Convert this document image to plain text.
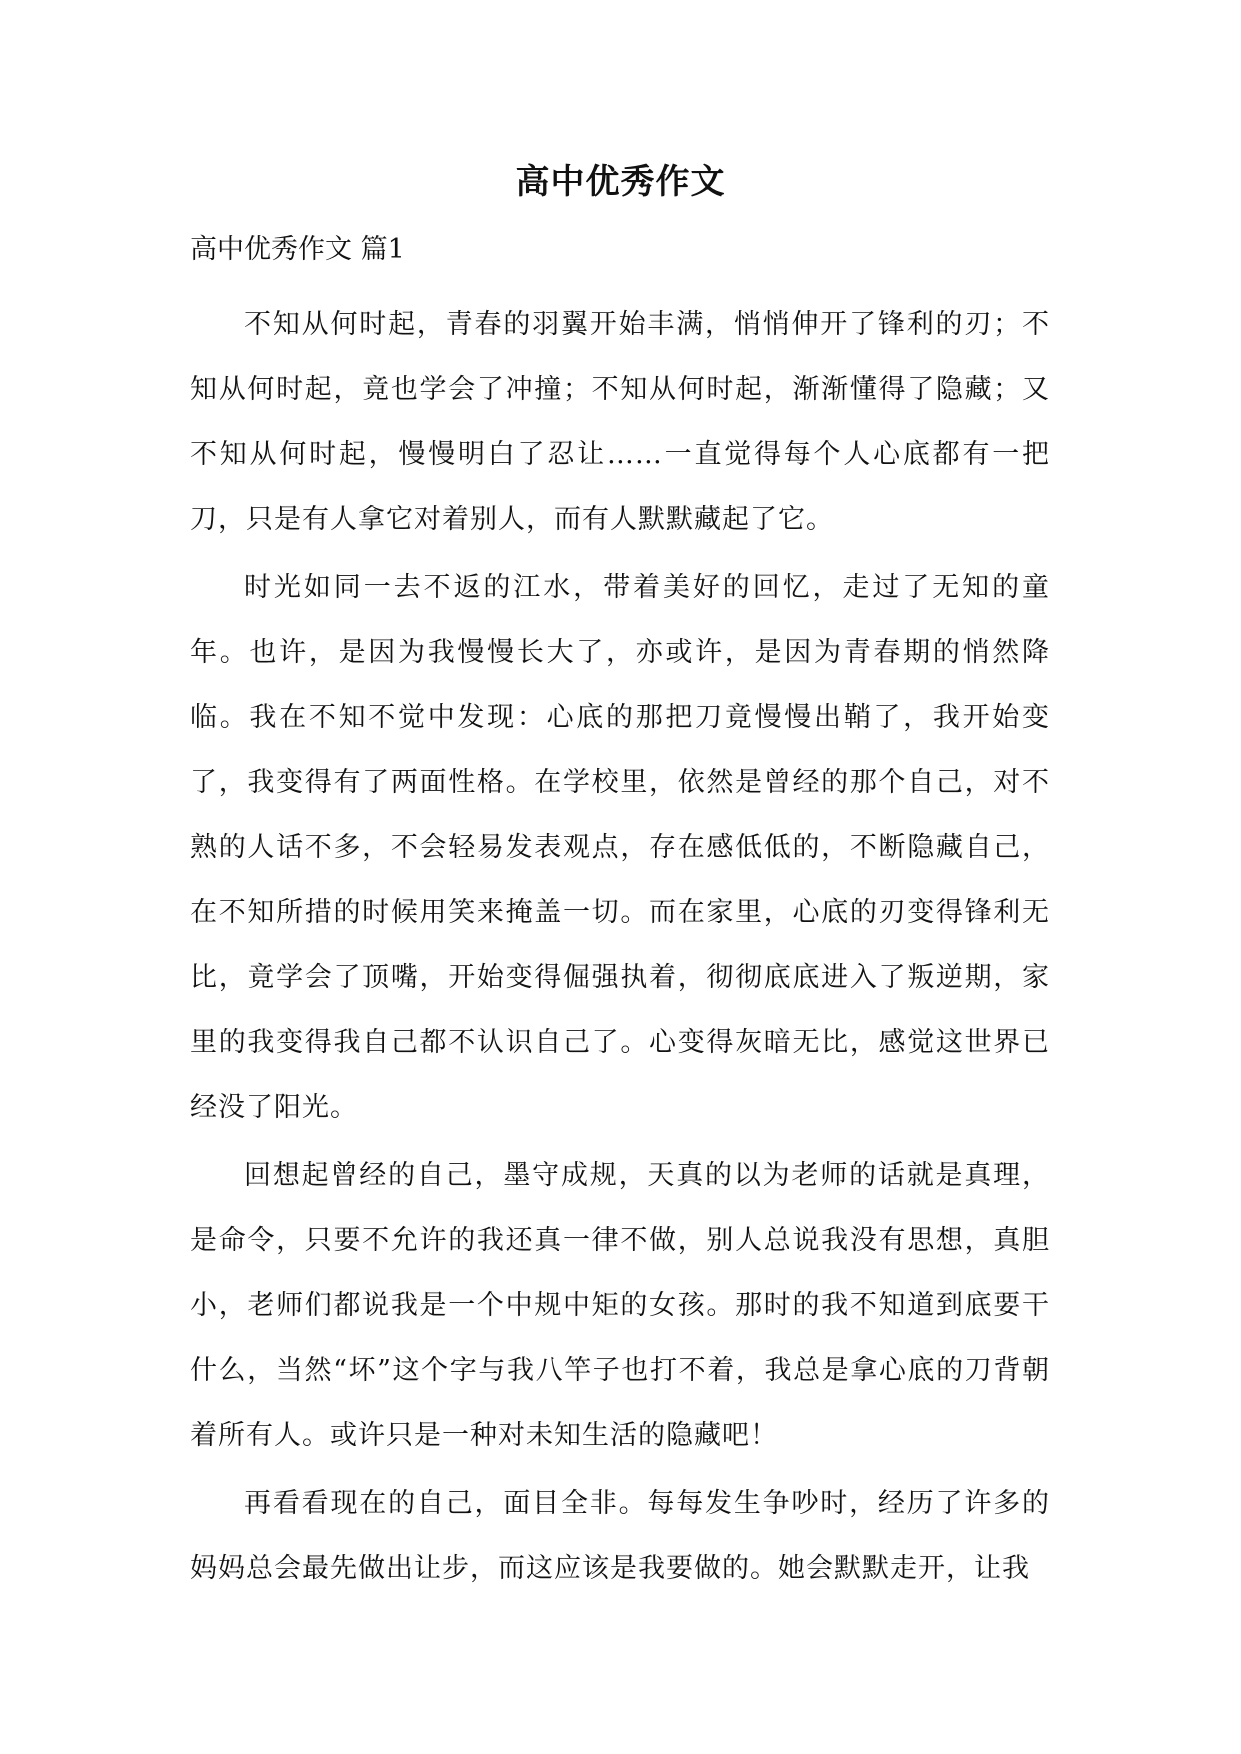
高中优秀作文
高中优秀作文 篇1

不知从何时起，青春的羽翼开始丰满，悄悄伸开了锋利的刃；不知从何时起，竟也学会了冲撞；不知从何时起，渐渐懂得了隐藏；又不知从何时起，慢慢明白了忍让……一直觉得每个人心底都有一把刀，只是有人拿它对着别人，而有人默默藏起了它。

时光如同一去不返的江水，带着美好的回忆，走过了无知的童年。也许，是因为我慢慢长大了，亦或许，是因为青春期的悄然降临。我在不知不觉中发现：心底的那把刀竟慢慢出鞘了，我开始变了，我变得有了两面性格。在学校里，依然是曾经的那个自己，对不熟的人话不多，不会轻易发表观点，存在感低低的，不断隐藏自己，在不知所措的时候用笑来掩盖一切。而在家里，心底的刃变得锋利无比，竟学会了顶嘴，开始变得倔强执着，彻彻底底进入了叛逆期，家里的我变得我自己都不认识自己了。心变得灰暗无比，感觉这世界已经没了阳光。

回想起曾经的自己，墨守成规，天真的以为老师的话就是真理，是命令，只要不允许的我还真一律不做，别人总说我没有思想，真胆小，老师们都说我是一个中规中矩的女孩。那时的我不知道到底要干什么，当然“坏”这个字与我八竿子也打不着，我总是拿心底的刀背朝着所有人。或许只是一种对未知生活的隐藏吧！

再看看现在的自己，面目全非。每每发生争吵时，经历了许多的妈妈总会最先做出让步，而这应该是我要做的。她会默默走开，让我
